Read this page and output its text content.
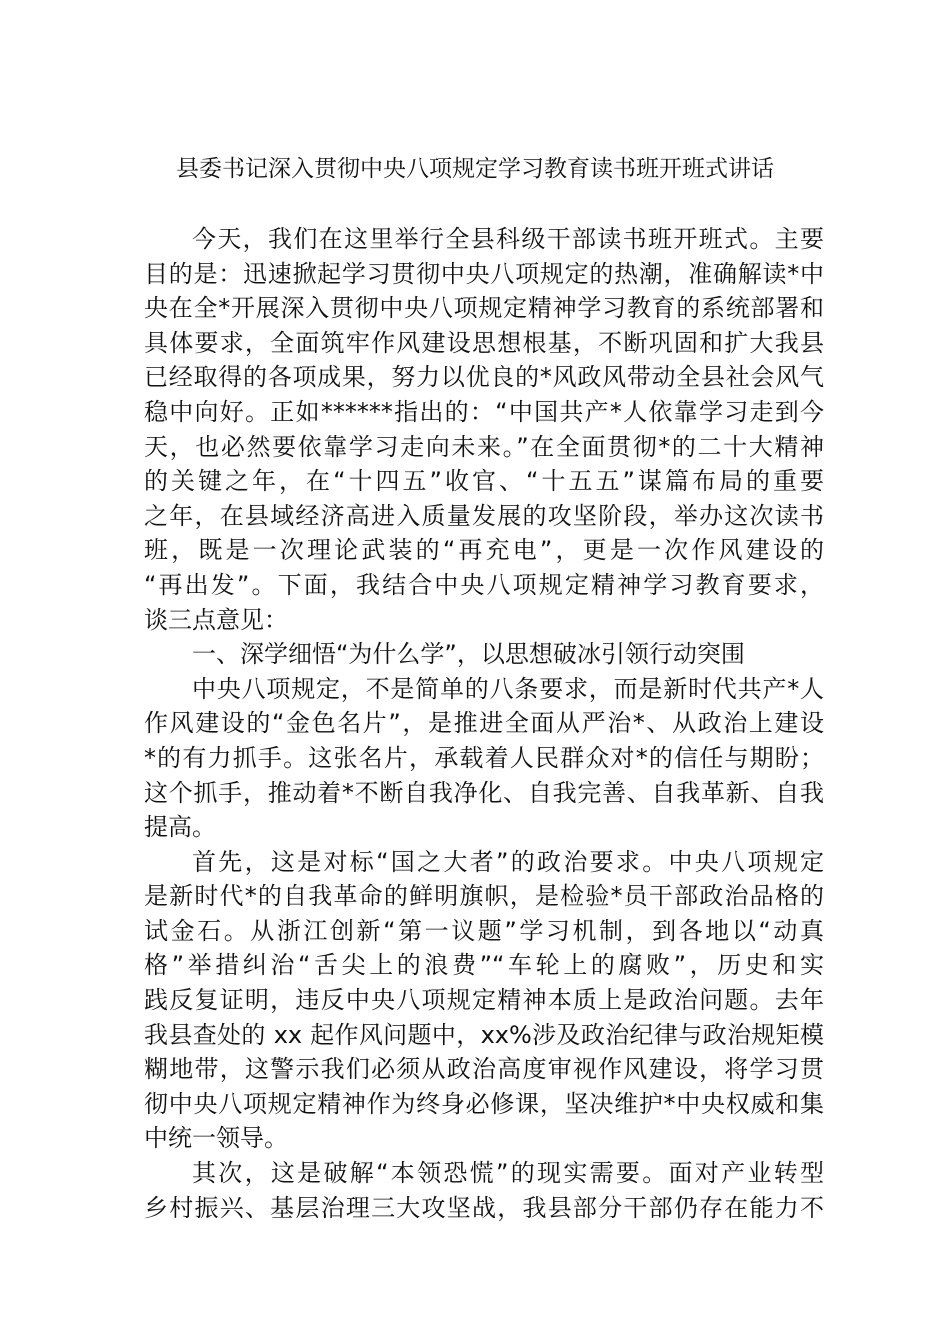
县委书记深入贯彻中央八项规定学习教育读书班开班式讲话
今天，我们在这里举行全县科级干部读书班开班式。主要
目的是：迅速掀起学习贯彻中央八项规定的热潮，准确解读*中
央在全*开展深入贯彻中央八项规定精神学习教育的系统部署和
具体要求，全面筑牢作风建设思想根基，不断巩固和扩大我县
已经取得的各项成果，努力以优良的*风政风带动全县社会风气
稳中向好。正如******指出的：“中国共产*人依靠学习走到今
天，也必然要依靠学习走向未来。”在全面贯彻*的二十大精神
的关键之年，在“十四五”收官、“十五五”谋篇布局的重要
之年，在县域经济高进入质量发展的攻坚阶段，举办这次读书
班，既是一次理论武装的“再充电”，更是一次作风建设的
“再出发”。下面，我结合中央八项规定精神学习教育要求，
谈三点意见：
一、深学细悟“为什么学”，以思想破冰引领行动突围
中央八项规定，不是简单的八条要求，而是新时代共产*人
作风建设的“金色名片”，是推进全面从严治*、从政治上建设
*的有力抓手。这张名片，承载着人民群众对*的信任与期盼；
这个抓手，推动着*不断自我净化、自我完善、自我革新、自我
提高。
首先，这是对标“国之大者”的政治要求。中央八项规定
是新时代*的自我革命的鲜明旗帜，是检验*员干部政治品格的
试金石。从浙江创新“第一议题”学习机制，到各地以“动真
格”举措纠治“舌尖上的浪费”“车轮上的腐败”，历史和实
践反复证明，违反中央八项规定精神本质上是政治问题。去年
我县查处的 xx 起作风问题中，xx%涉及政治纪律与政治规矩模
糊地带，这警示我们必须从政治高度审视作风建设，将学习贯
彻中央八项规定精神作为终身必修课，坚决维护*中央权威和集
中统一领导。
其次，这是破解“本领恐慌”的现实需要。面对产业转型
乡村振兴、基层治理三大攻坚战，我县部分干部仍存在能力不
